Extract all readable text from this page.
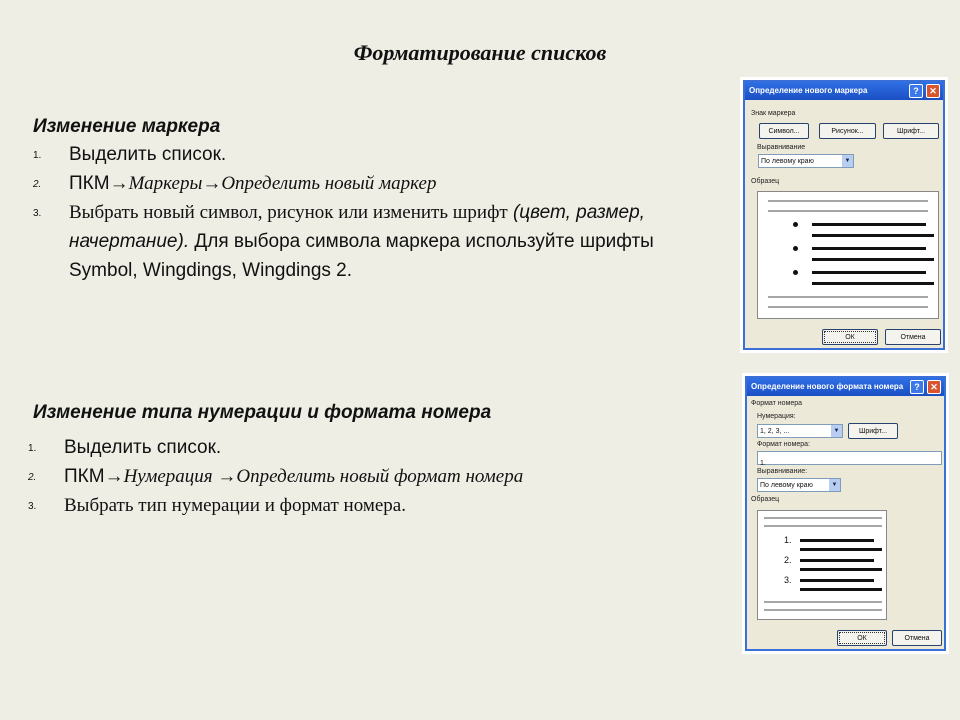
Форматирование списков
Изменение маркера
1. Выделить список.
2. ПКМ→Маркеры→Определить новый маркер
3. Выбрать новый символ, рисунок или изменить шрифт (цвет, размер, начертание). Для выбора символа маркера используйте шрифты Symbol, Wingdings, Wingdings 2.
Изменение типа нумерации и формата номера
1. Выделить список.
2. ПКМ→Нумерация →Определить новый формат номера
3. Выбрать тип нумерации и формат номера.
Определение нового маркера	?	✕
Знак маркера
Символ...	Рисунок...	Шрифт...
Выравнивание
По левому краю	▼
Образец
ОК	Отмена
Определение нового формата номера	?	✕
Формат номера
Нумерация:
1, 2, 3, ...	▼	Шрифт...
Формат номера:
1.
Выравнивание:
По левому краю	▼
Образец
1.
2.
3.
ОК	Отмена
